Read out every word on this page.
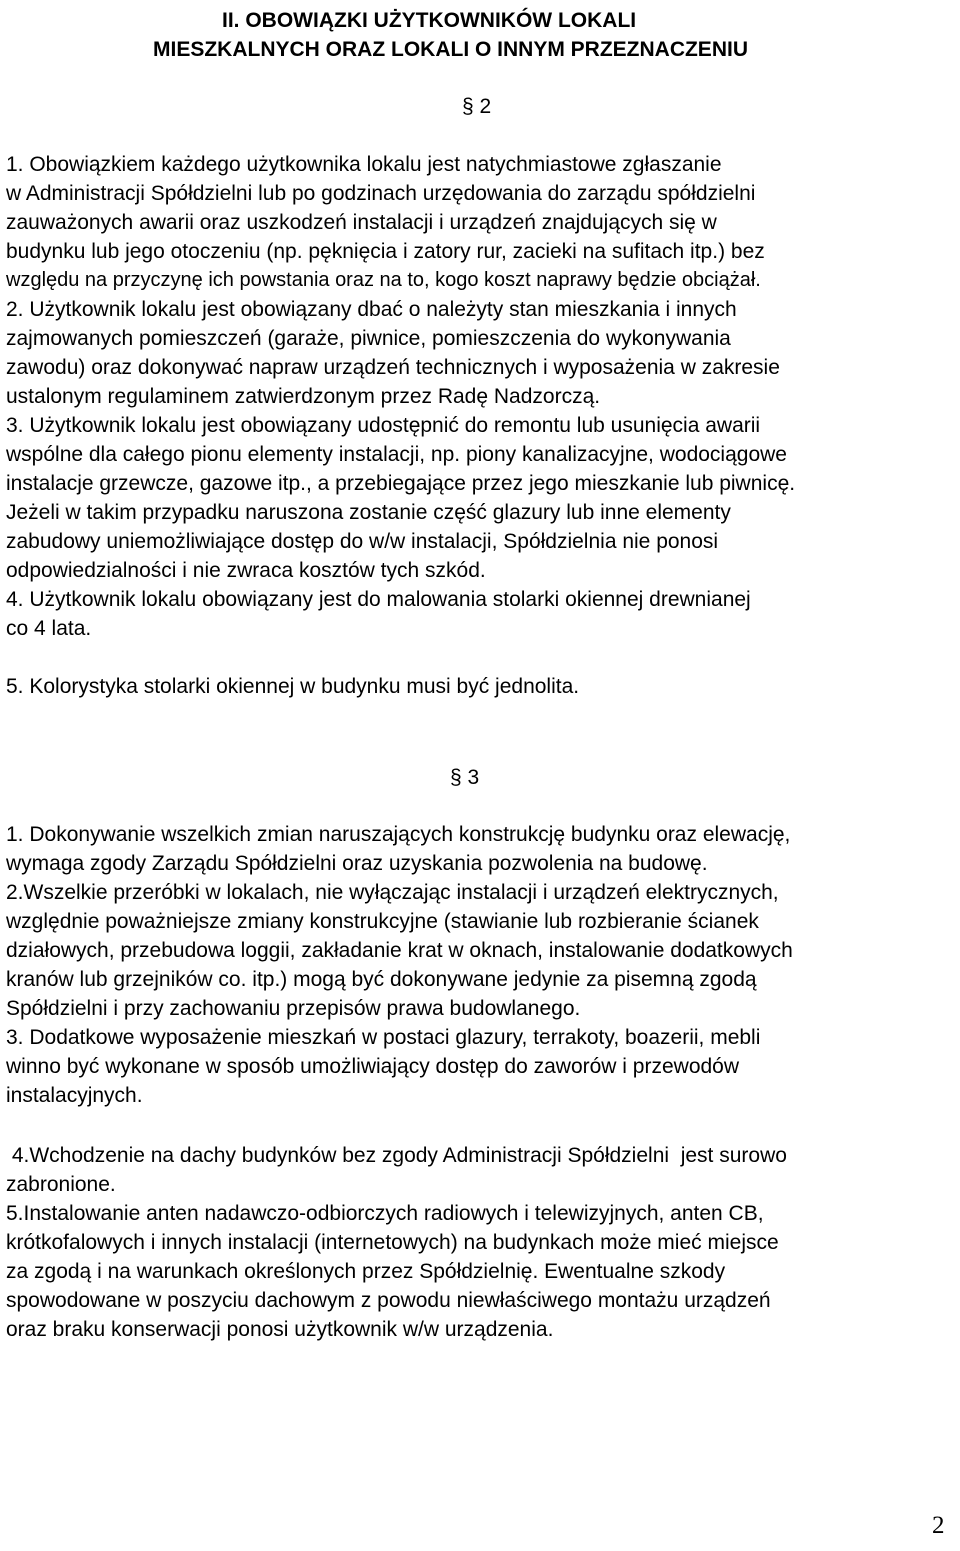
II. OBOWIĄZKI UŻYTKOWNIKÓW LOKALI
MIESZKALNYCH ORAZ LOKALI O INNYM PRZEZNACZENIU

§ 2

1. Obowiązkiem każdego użytkownika lokalu jest natychmiastowe zgłaszanie
w Administracji Spółdzielni lub po godzinach urzędowania do zarządu spółdzielni
zauważonych awarii oraz uszkodzeń instalacji i urządzeń znajdujących się w
budynku lub jego otoczeniu (np. pęknięcia i zatory rur, zacieki na sufitach itp.) bez
względu na przyczynę ich powstania oraz na to, kogo koszt naprawy będzie obciążał.
2. Użytkownik lokalu jest obowiązany dbać o należyty stan mieszkania i innych
zajmowanych pomieszczeń (garaże, piwnice, pomieszczenia do wykonywania
zawodu) oraz dokonywać napraw urządzeń technicznych i wyposażenia w zakresie
ustalonym regulaminem zatwierdzonym przez Radę Nadzorczą.
3. Użytkownik lokalu jest obowiązany udostępnić do remontu lub usunięcia awarii
wspólne dla całego pionu elementy instalacji, np. piony kanalizacyjne, wodociągowe
instalacje grzewcze, gazowe itp., a przebiegające przez jego mieszkanie lub piwnicę.
Jeżeli w takim przypadku naruszona zostanie część glazury lub inne elementy
zabudowy uniemożliwiające dostęp do w/w instalacji, Spółdzielnia nie ponosi
odpowiedzialności i nie zwraca kosztów tych szkód.
4. Użytkownik lokalu obowiązany jest do malowania stolarki okiennej drewnianej
co 4 lata.
5. Kolorystyka stolarki okiennej w budynku musi być jednolita.

§ 3

1. Dokonywanie wszelkich zmian naruszających konstrukcję budynku oraz elewację,
wymaga zgody Zarządu Spółdzielni oraz uzyskania pozwolenia na budowę.
2.Wszelkie przeróbki w lokalach, nie wyłączając instalacji i urządzeń elektrycznych,
względnie poważniejsze zmiany konstrukcyjne (stawianie lub rozbieranie ścianek
działowych, przebudowa loggii, zakładanie krat w oknach, instalowanie dodatkowych
kranów lub grzejników co. itp.) mogą być dokonywane jedynie za pisemną zgodą
Spółdzielni i przy zachowaniu przepisów prawa budowlanego.
3. Dodatkowe wyposażenie mieszkań w postaci glazury, terrakoty, boazerii, mebli
winno być wykonane w sposób umożliwiający dostęp do zaworów i przewodów
instalacyjnych.
4.Wchodzenie na dachy budynków bez zgody Administracji Spółdzielni  jest surowo
zabronione.
5.Instalowanie anten nadawczo-odbiorczych radiowych i telewizyjnych, anten CB,
krótkofalowych i innych instalacji (internetowych) na budynkach może mieć miejsce
za zgodą i na warunkach określonych przez Spółdzielnię. Ewentualne szkody
spowodowane w poszyciu dachowym z powodu niewłaściwego montażu urządzeń
oraz braku konserwacji ponosi użytkownik w/w urządzenia.

2
